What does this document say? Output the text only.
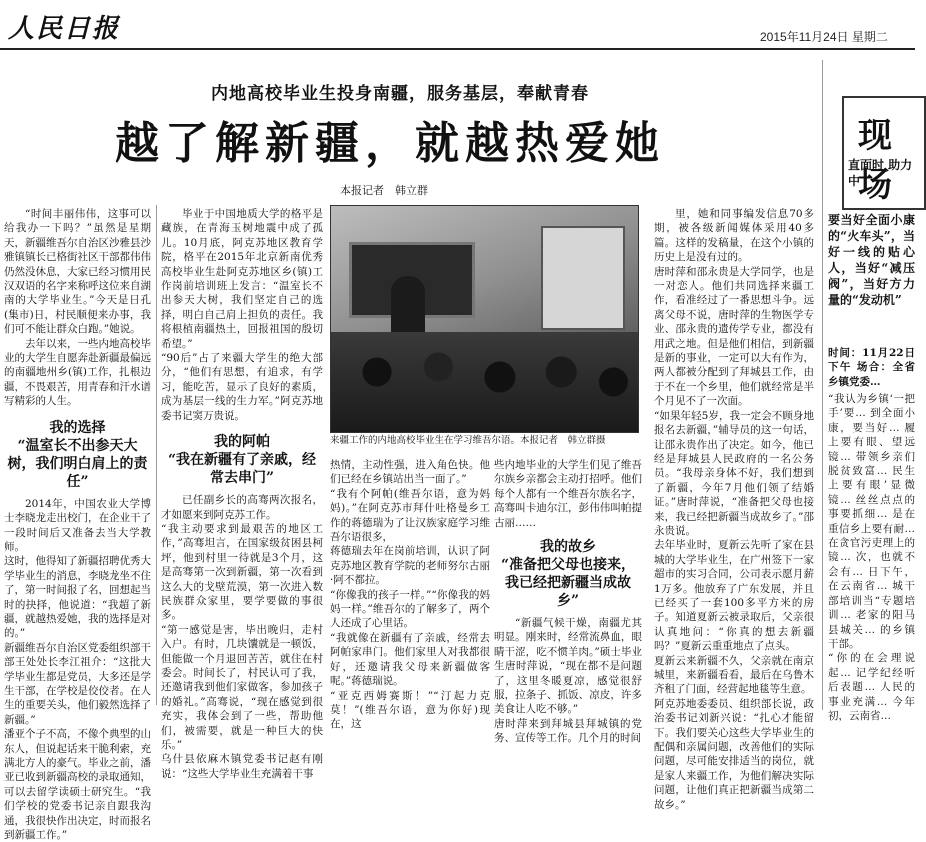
人民日报	2015年11月24日 星期二
内地高校毕业生投身南疆，服务基层，奉献青春
越了解新疆，就越热爱她
本报记者　韩立群
“时间丰丽伟伟，这事可以给我办一下吗？”虽然是星期天，新疆维吾尔自治区沙雅县沙雅镇镇长已格街社区干部都伟伟仍然没休息，大家已经习惯用民汉双语的名字来称呼这位来自湖南的大学毕业生。”今天是日孔(集市)日，村民顺便来办事，我们可不能让群众白跑。”她说。
去年以来，一些内地高校毕业的大学生自愿奔赴新疆最偏远的南疆地州乡(镇)工作，扎根边疆，不畏艰苦，用青春和汗水谱写精彩的人生。
我的选择
“温室长不出参天大树，我们明白肩上的责任”
2014年，中国农业大学博士李晓龙走出校门，在企业干了一段时间后又准备去当大学教师。
这时，他得知了新疆招聘优秀大学毕业生的消息，李晓龙坐不住了，第一时间报了名，回想起当时的抉择，他说道：“我超了新疆，就越热爱她，我的选择是对的。”
新疆维吾尔自治区党委组织部干部王处处长李江祖介：“这批大学毕业生都是党员，大多还是学生干部，在学校是佼佼者。在人生的重要关头，他们毅然选择了新疆。”
潘亚个子不高，不像个典型的山东人，但说起话来干脆利索，充满北方人的豪气。毕业之前，潘亚已收到新疆高校的录取通知，可以去留学读硕士研究生。“我们学校的党委书记亲自跟我沟通，我很快作出决定，时而报名到新疆工作。”
毕业于中国地质大学的格平是藏族，在青海玉树地震中成了孤儿。10月底，阿克苏地区教育学院，格平在2015年北京新南优秀高校毕业生赴阿克苏地区乡(镇)工作岗前培训班上发言：“温室长不出参天大树，我们坚定自己的选择，明白自己肩上担负的责任。我将根植南疆热土，回报祖国的殷切希望。”
“90后”占了来疆大学生的绝大部分，“他们有思想，有追求，有学习，能吃苦，显示了良好的素质，成为基层一线的生力军。”阿克苏地委书记窦万贵说。
我的阿帕
“我在新疆有了亲戚，经常去串门”
已任副乡长的高骞两次报名，才如愿来到阿克苏工作。
“我主动要求到最艰苦的地区工作，”高骞坦言，在国家级贫困县柯坪，他到村里一待就是3个月，这是高骞第一次到新疆，第一次看到这么大的戈壁荒漠，第一次进入数民族群众家里，要学要做的事很多。
“第一感觉是害，毕出晚归，走村入户。有时，几块馕就是一顿饭，但能做一个月退回苦苦，就住在村委会。时间长了，村民认可了我，还邀请我到他们家做客，参加孩子的婚礼。”高骞说，“现在感觉到很充实，我体会到了一些，帮助他们，被需要，就是一种巨大的快乐。”
乌什县依麻木镇党委书记赵有刚说：“这些大学毕业生充满着干事
来疆工作的内地高校毕业生在学习维吾尔语。本报记者　韩立群摄
热情，主动性强，进入角色快。他们已经在乡镇站出当一面了。”
“我有个阿帕(维吾尔语，意为妈妈)。”在阿克苏市拜什吐格曼乡工作的蒋德瑞为了让汉族家庭学习维吾尔语很多，
蒋德瑞去年在岗前培训，认识了阿克苏地区教育学院的老师努尔古丽·阿不都拉。
“你像我的孩子一样。”“你像我的妈妈一样。”维吾尔的了解多了，两个人还成了心里话。
“我就像在新疆有了亲戚，经常去阿帕家串门。他们家里人对我都很好，还邀请我父母来新疆做客呢。”蒋德瑞说。
“亚克西姆赛斯！”“汀起力克莫！”(维吾尔语，意为你好)现在，这
些内地毕业的大学生们见了维吾尔族乡亲都会主动打招呼。他们每个人都有一个维吾尔族名字，高骞叫卡迪尔江，彭伟伟叫帕提古丽……
我的故乡
“准备把父母也接来，我已经把新疆当成故乡”
“新疆气候干燥，南疆尤其明显。刚来时，经常流鼻血，眼睛干涩，吃不惯羊肉。”硕士毕业生唐时萍说，“现在都不是问题了，这里冬暖夏凉，感觉很舒服，拉条子、抓饭、凉皮，许多美食让人吃不够。”
唐时萍来到拜城县拜城镇的党务、宣传等工作。几个月的时间
里，她和同事编发信息70多期，被各级新闻媒体采用40多篇。这样的发稿量，在这个小镇的历史上是没有过的。
唐时萍和邵永贵是大学同学，也是一对恋人。他们共同选择来疆工作，看准经过了一番思想斗争。远离父母不说，唐时萍的生物医学专业、邵永贵的遗传学专业，都没有用武之地。但是他们相信，到新疆是新的事业，一定可以大有作为，两人都被分配到了拜城县工作，由于不在一个乡里，他们就经常是半个月见不了一次面。
“如果年轻5岁，我一定会不顾身地报名去新疆，”辅导员的这一句话，让邵永贵作出了决定。如今，他已经是拜城县人民政府的一名公务员。“我母亲身体不好，我们想到了新疆，今年7月他们领了结婚证。”唐时萍说，“准备把父母也接来，我已经把新疆当成故乡了。”邵永贵说。
去年毕业时，夏新云先听了家在县城的大学毕业生，在广州签下一家超市的实习合同，公司表示愿月薪1万多。他放弃了广东发展，并且已经买了一套100多平方米的房子。知道夏新云被录取后，父亲很认真地问：“你真的想去新疆吗？”夏新云重重地点了点头。
夏新云来新疆不久，父亲就在南京城里，来新疆看看，最后在乌鲁木齐租了门面，经营起地毯等生意。
阿克苏地委委员、组织部长说，政治委书记刘新兴说：“扎心才能留下。我们要关心这些大学毕业生的配偶和亲属问题，改善他们的实际问题，尽可能安排适当的岗位，就是家人来疆工作，为他们解决实际问题，让他们真正把新疆当成第二故乡。”
现场
直面时 助力中
要当好全面小康的“火车头”，当好一线的贴心人，当好“减压阀”，当好方力量的“发动机”
时间：11月22日下午 场合：全省乡镇党委…
“我认为乡镇‘一把手’要… 到全面小康，要当好… 履上要有眼、望远镜… 带领乡亲们脱贫致富… 民生上要有眼’显微镜… 丝丝点点的事要抓细… 是在重信乡上要有耐… 在贪官污吏理上的镜… 次，也就不会有… 日下午，在云南省… 城干部培训当“专题培训… 老家的阳马县城关… 的乡镇干部。
“你的在会理说起… 记学纪经听后表题… 人民的事业充满… 今年初，云南省…
